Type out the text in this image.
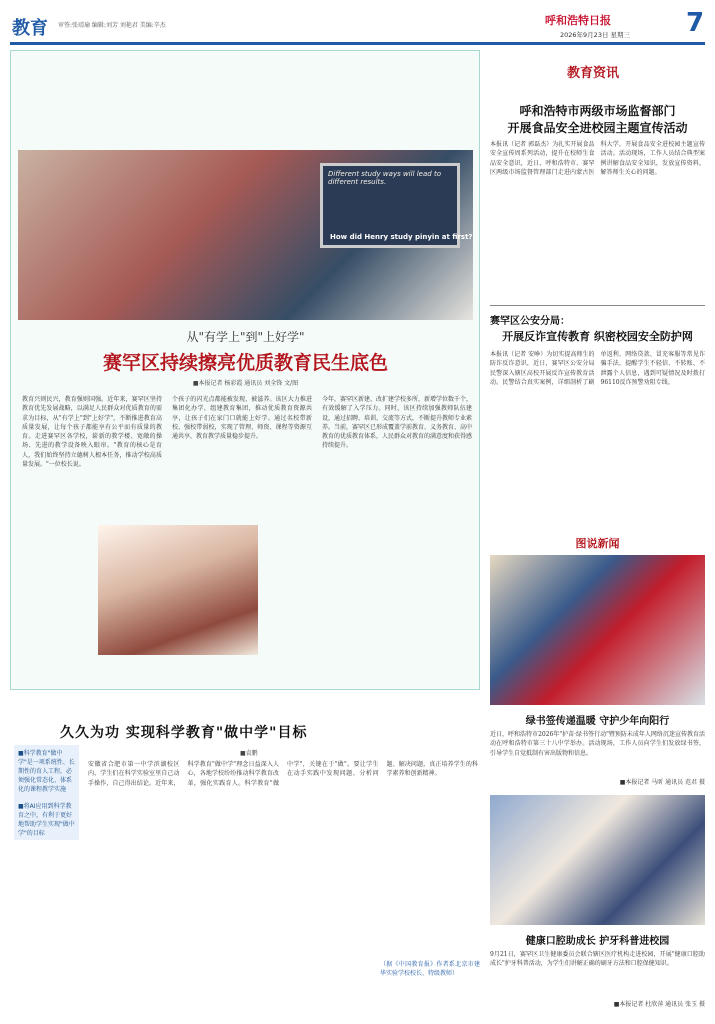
教育 审签:张靖瑜 编辑:刘芳 刘艳君 美编:辛杰	呼和浩特日报	7
2026年9月23日 星期三
Different study ways will lead to different results.
How did Henry study pinyin at first?
从"有学上"到"上好学"
赛罕区持续擦亮优质教育民生底色
■本报记者 杨彩霞 通讯员 刘全锋 文/图
教育兴则民兴，教育强则国强。近年来，赛罕区坚持教育优先发展战略，以满足人民群众对优质教育的需求为目标，从"有学上"到"上好学"，不断推进教育高质量发展，让每个孩子都能享有公平而有质量的教育。走进赛罕区各学校，崭新的教学楼、宽敞的操场、先进的教学设备映入眼帘。"教育的核心是育人，我们始终坚持立德树人根本任务，推动学校高质量发展。"一位校长说。
个孩子的闪光点都能被发现、被滋养。该区大力推进集团化办学，组建教育集团，推动优质教育资源共享，让孩子们在家门口就能上好学。通过名校带新校、强校带弱校，实现了管理、师资、课程等资源互通共享，教育教学质量稳步提升。
今年，赛罕区新建、改扩建学校多所，新增学位数千个，有效缓解了入学压力。同时，该区持续加强教师队伍建设，通过招聘、培训、交流等方式，不断提升教师专业素养。当前，赛罕区已形成覆盖学前教育、义务教育、高中教育的优质教育体系，人民群众对教育的满意度和获得感持续提升。
久久为功 实现科学教育"做中学"目标
■袁鹏
■科学教育"做中学"是一项系统性、长期性的育人工程，必须强化常态化、体系化的课程教学实施
■将AI应用到科学教育之中，有利于更好地帮助学生实现"做中学"的目标
安徽省合肥市第一中学滨湖校区内，学生们在科学实验室里自己动手操作，自己得出结论。近年来，科学教育"做中学"理念日益深入人心，各地学校纷纷推动科学教育改革，强化实践育人。科学教育"做中学"，关键在于"做"。要让学生在动手实践中发现问题、分析问题、解决问题，真正培养学生的科学素养和创新精神。
（据《中国教育报》作者系北京市建华实验学校校长、特级教师）
教育资讯
呼和浩特市两级市场监督部门
开展食品安全进校园主题宣传活动
本报讯（记者 郭磊杰）为扎实开展食品安全宣传周系列活动，提升在校师生食品安全意识，近日，呼和浩特市、赛罕区两级市场监督管理部门走进内蒙古医科大学，开展食品安全进校园主题宣传活动。活动现场，工作人员结合典型案例讲解食品安全知识，发放宣传资料，解答师生关心的问题。
赛罕区公安分局：
开展反诈宣传教育 织密校园安全防护网
本报讯（记者 安峥）为切实提高师生的防诈反诈意识，近日，赛罕区公安分局民警深入辖区高校开展反诈宣传教育活动。民警结合真实案例，详细剖析了刷单返利、网络贷款、冒充客服等常见诈骗手法，提醒学生不轻信、不转账、不泄露个人信息，遇到可疑情况及时拨打96110反诈预警劝阻专线。
图说新闻
绿书签传递温暖 守护少年向阳行
近日，呼和浩特市2026年"护苗·绿书签行动"暨预防未成年人网络沉迷宣传教育活动在呼和浩特市第三十八中学举办。活动现场，工作人员向学生们发放绿书签，引导学生自觉抵制有害出版物和信息。
■本报记者 马昕 通讯员 范君 摄
健康口腔助成长 护牙科普进校园
9月21日，赛罕区卫生健康委员会联合辖区医疗机构走进校园，开展"健康口腔助成长"护牙科普活动，为学生们讲解正确的刷牙方法和口腔保健知识。
■本报记者 杜欣萍 通讯员 张玉 摄
